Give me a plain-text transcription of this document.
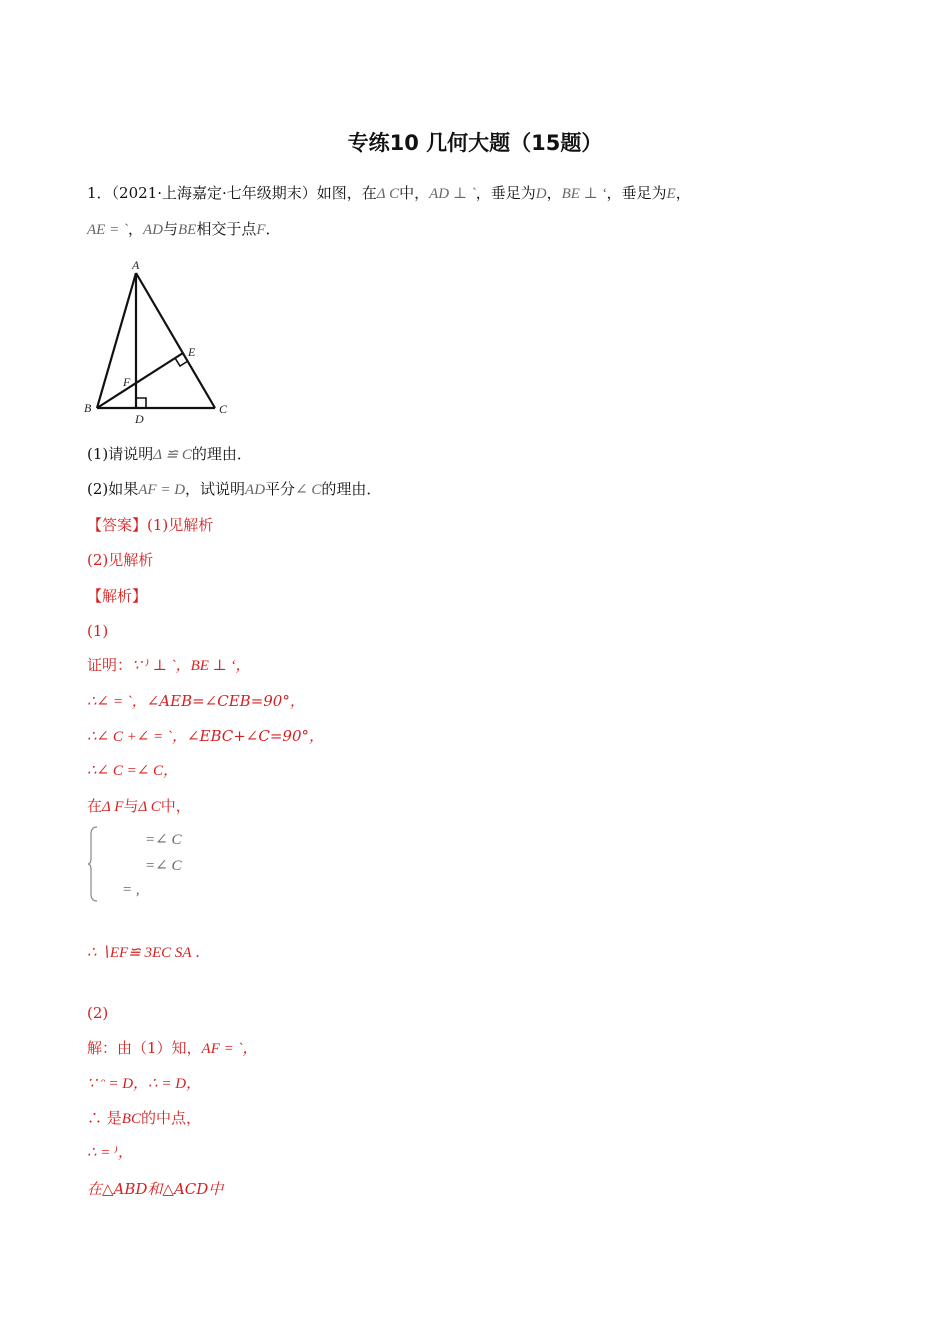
专练10 几何大题（15题）
1．（2021·上海嘉定·七年级期末）如图，在Δ C中，AD ⊥ `，垂足为D，BE ⊥ ‘，垂足为E，
AE = `，AD与BE相交于点F．
A
B	C
D
E
F
(1)请说明Δ ≌ C的理由．
(2)如果AF = D，试说明AD平分∠ C的理由．
【答案】(1)见解析
(2)见解析
【解析】
(1)
证明：∵ ⁾ ⊥ `，BE ⊥ ‘，
∴∠ = `，∠AEB=∠CEB=90°，
∴∠ C +∠ = `，∠EBC+∠C=90°，
∴∠ C =∠ C，
在Δ F与Δ C中，
=∠ C
=∠ C
= ,
∴ ∖EF≌ 3EC SA ．
(2)
解：由（1）知，AF = `，
∵ ᵔ = D，∴ = D，
∴ 是BC的中点，
∴ = ⁾，
在△ABD和△ACD中
